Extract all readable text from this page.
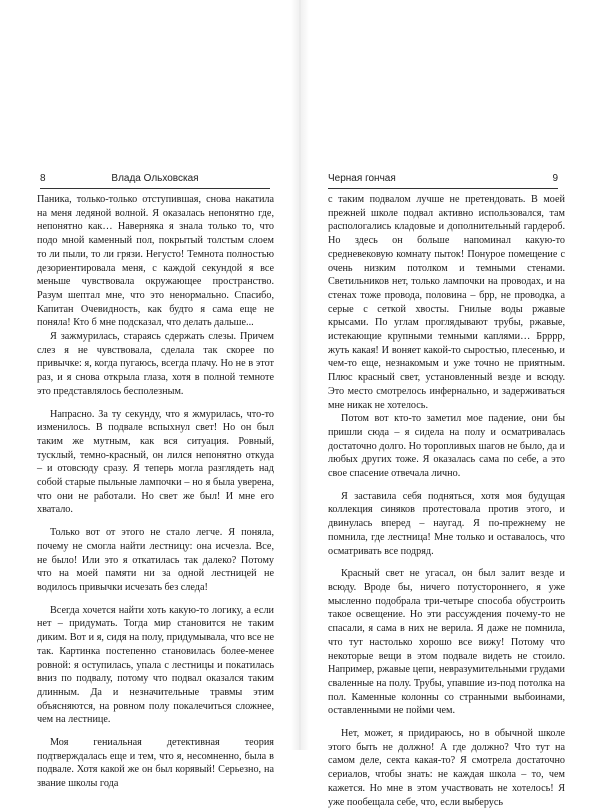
8	Влада Ольховская

Паника, только-только отступившая, снова накатила на меня ледяной волной. Я оказалась непонятно где, непонятно как… Наверняка я знала только то, что подо мной каменный пол, покрытый толстым слоем то ли пыли, то ли грязи. Негусто! Темнота полностью дезориентировала меня, с каждой секундой я все меньше чувствовала окружающее пространство. Разум шептал мне, что это ненормально. Спасибо, Капитан Очевидность, как будто я сама еще не поняла! Кто б мне подсказал, что делать дальше...

Я зажмурилась, стараясь сдержать слезы. Причем слез я не чувствовала, сделала так скорее по привычке: я, когда пугаюсь, всегда плачу. Но не в этот раз, и я снова открыла глаза, хотя в полной темноте это представлялось бесполезным.

Напрасно. За ту секунду, что я жмурилась, что-то изменилось. В подвале вспыхнул свет! Но он был таким же мутным, как вся ситуация. Ровный, тусклый, темно-красный, он лился непонятно откуда – и отовсюду сразу. Я теперь могла разглядеть над собой старые пыльные лампочки – но я была уверена, что они не работали. Но свет же был! И мне его хватало.

Только вот от этого не стало легче. Я поняла, почему не смогла найти лестницу: она исчезла. Все, не было! Или это я откатилась так далеко? Потому что на моей памяти ни за одной лестницей не водилось привычки исчезать без следа!

Всегда хочется найти хоть какую-то логику, а если нет – придумать. Тогда мир становится не таким диким. Вот и я, сидя на полу, придумывала, что все не так. Картинка постепенно становилась более-менее ровной: я оступилась, упала с лестницы и покатилась вниз по подвалу, потому что подвал оказался таким длинным. Да и незначительные травмы этим объясняются, на ровном полу покалечиться сложнее, чем на лестнице.

Моя гениальная детективная теория подтверждалась еще и тем, что я, несомненно, была в подвале. Хотя какой же он был корявый! Серьезно, на звание школы года

Черная гончая	9

с таким подвалом лучше не претендовать. В моей прежней школе подвал активно использовался, там распологались кладовые и дополнительный гардероб. Но здесь он больше напоминал какую-то средневековую комнату пыток! Понурое помещение с очень низким потолком и темными стенами. Светильников нет, только лампочки на проводах, и на стенах тоже провода, половина – брр, не проводка, а серые с сеткой хвосты. Гнилые воды ржавые крысами. По углам проглядывают трубы, ржавые, истекающие крупными темными каплями… Брррр, жуть какая! И воняет какой-то сыростью, плесенью, и чем-то еще, незнакомым и уже точно не приятным. Плюс красный свет, установленный везде и всюду. Это место смотрелось инфернально, и задерживаться мне никак не хотелось.

Потом вот кто-то заметил мое падение, они бы пришли сюда – я сидела на полу и осматривалась достаточно долго. Но торопливых шагов не было, да и любых других тоже. Я оказалась сама по себе, а это свое спасение отвечала лично.

Я заставила себя подняться, хотя моя будущая коллекция синяков протестовала против этого, и двинулась вперед – наугад. Я по-прежнему не помнила, где лестница! Мне только и оставалось, что осматривать все подряд.

Красный свет не угасал, он был залит везде и всюду. Вроде бы, ничего потустороннего, я уже мысленно подобрала три-четыре способа обустроить такое освещение. Но эти рассуждения почему-то не спасали, я сама в них не верила. Я даже не помнила, что тут настолько хорошо все вижу! Потому что некоторые вещи в этом подвале видеть не стоило. Например, ржавые цепи, невразумительными грудами сваленные на полу. Трубы, упавшие из-под потолка на пол. Каменные колонны со странными выбоинами, оставленными не пойми чем.

Нет, может, я придираюсь, но в обычной школе этого быть не должно! А где должно? Что тут на самом деле, секта какая-то? Я смотрела достаточно сериалов, чтобы знать: не каждая школа – то, чем кажется. Но мне в этом участвовать не хотелось! Я уже пообещала себе, что, если выберусь
